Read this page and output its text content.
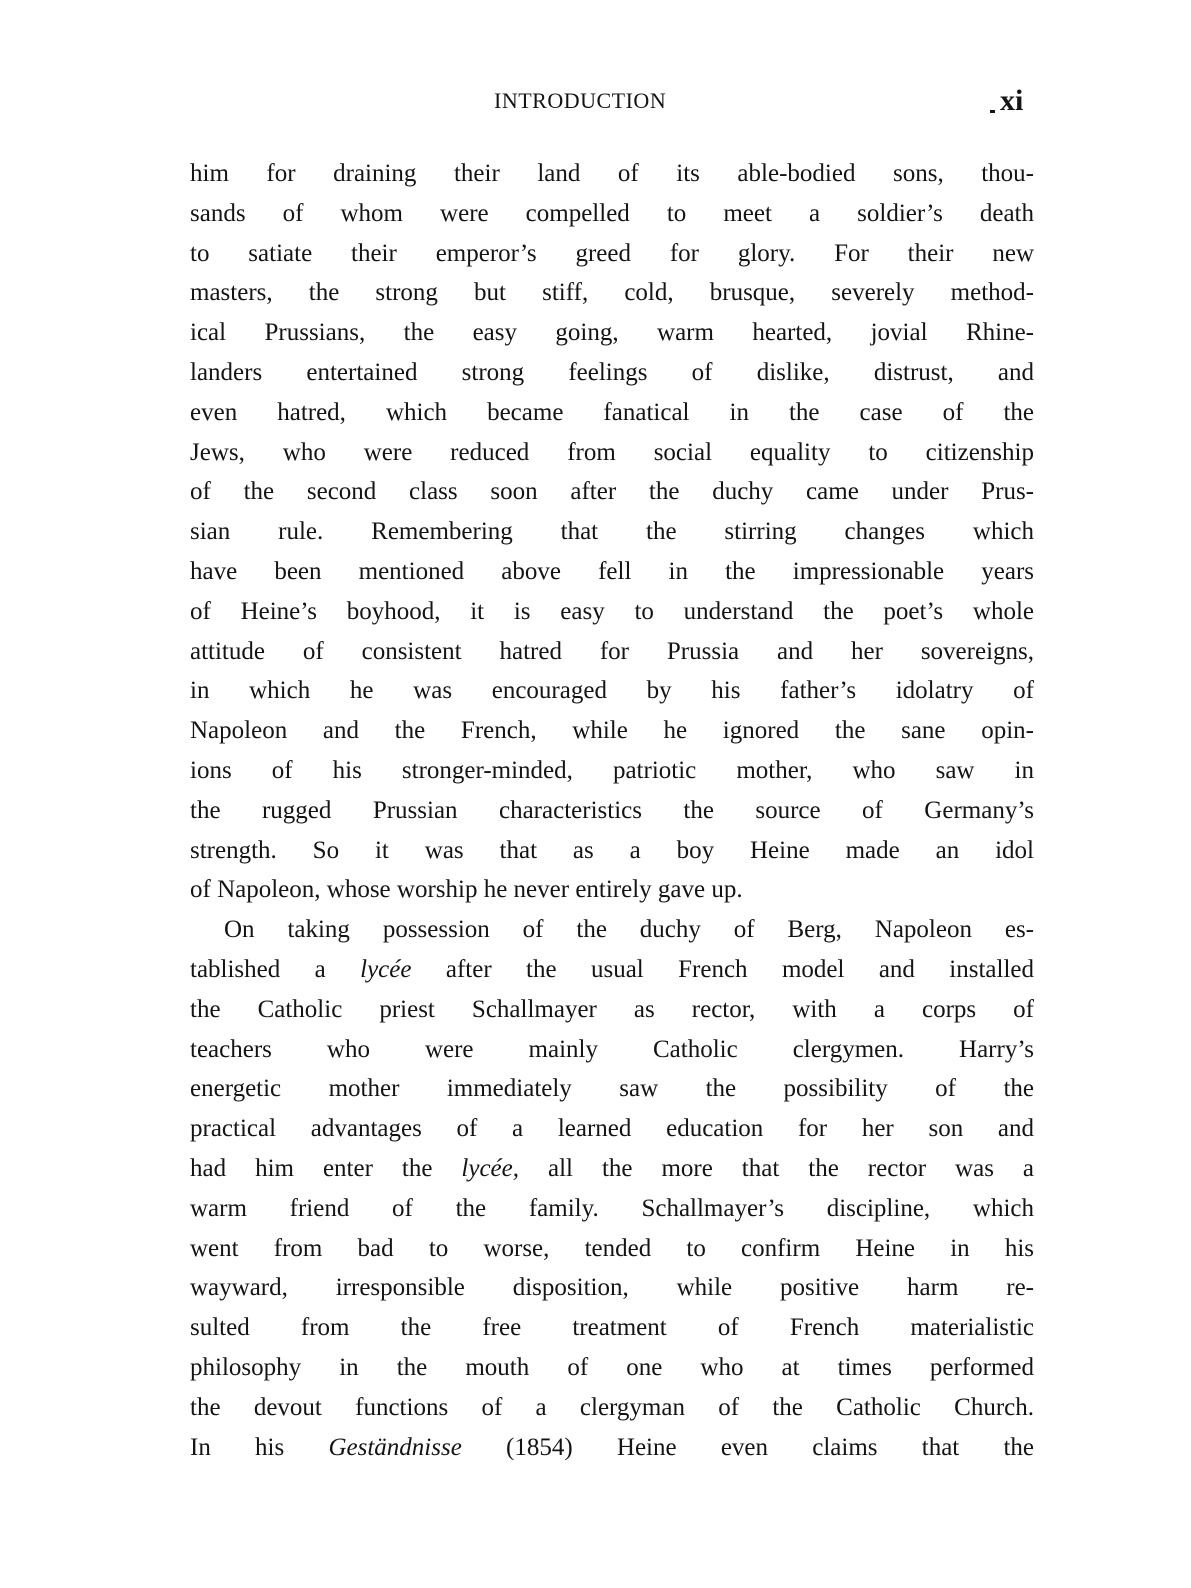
INTRODUCTION	xi
him for draining their land of its able-bodied sons, thou-
sands of whom were compelled to meet a soldier’s death
to satiate their emperor’s greed for glory. For their new
masters, the strong but stiff, cold, brusque, severely method-
ical Prussians, the easy going, warm hearted, jovial Rhine-
landers entertained strong feelings of dislike, distrust, and
even hatred, which became fanatical in the case of the
Jews, who were reduced from social equality to citizenship
of the second class soon after the duchy came under Prus-
sian rule. Remembering that the stirring changes which
have been mentioned above fell in the impressionable years
of Heine’s boyhood, it is easy to understand the poet’s whole
attitude of consistent hatred for Prussia and her sovereigns,
in which he was encouraged by his father’s idolatry of
Napoleon and the French, while he ignored the sane opin-
ions of his stronger-minded, patriotic mother, who saw in
the rugged Prussian characteristics the source of Germany’s
strength. So it was that as a boy Heine made an idol
of Napoleon, whose worship he never entirely gave up.
On taking possession of the duchy of Berg, Napoleon es-
tablished a lycée after the usual French model and installed
the Catholic priest Schallmayer as rector, with a corps of
teachers who were mainly Catholic clergymen. Harry’s
energetic mother immediately saw the possibility of the
practical advantages of a learned education for her son and
had him enter the lycée, all the more that the rector was a
warm friend of the family. Schallmayer’s discipline, which
went from bad to worse, tended to confirm Heine in his
wayward, irresponsible disposition, while positive harm re-
sulted from the free treatment of French materialistic
philosophy in the mouth of one who at times performed
the devout functions of a clergyman of the Catholic Church.
In his Geständnisse (1854) Heine even claims that the
